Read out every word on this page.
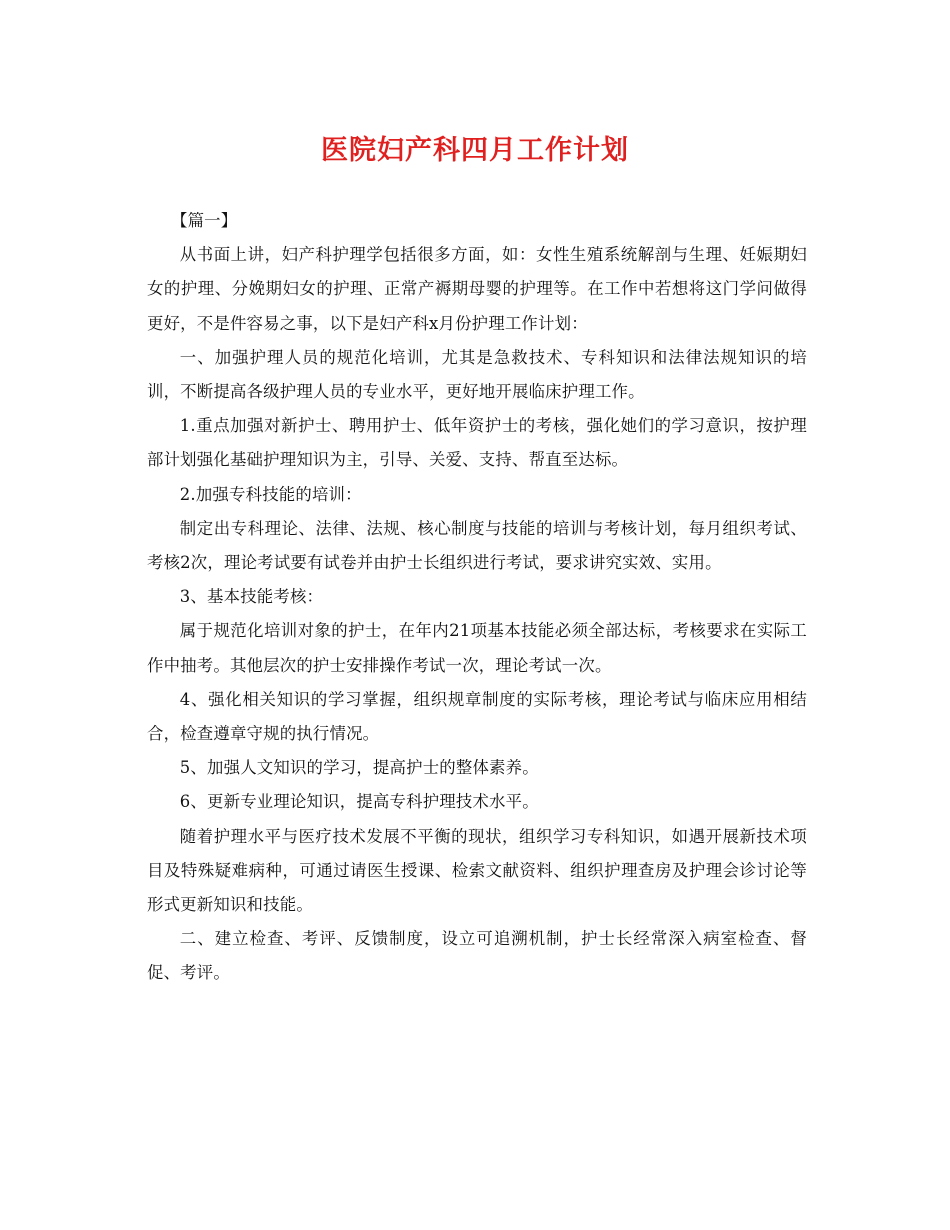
医院妇产科四月工作计划

【篇一】

从书面上讲，妇产科护理学包括很多方面，如：女性生殖系统解剖与生理、妊娠期妇女的护理、分娩期妇女的护理、正常产褥期母婴的护理等。在工作中若想将这门学问做得更好，不是件容易之事，以下是妇产科x月份护理工作计划：

一、加强护理人员的规范化培训，尤其是急救技术、专科知识和法律法规知识的培训，不断提高各级护理人员的专业水平，更好地开展临床护理工作。

1.重点加强对新护士、聘用护士、低年资护士的考核，强化她们的学习意识，按护理部计划强化基础护理知识为主，引导、关爱、支持、帮直至达标。

2.加强专科技能的培训：

制定出专科理论、法律、法规、核心制度与技能的培训与考核计划，每月组织考试、考核2次，理论考试要有试卷并由护士长组织进行考试，要求讲究实效、实用。

3、基本技能考核：

属于规范化培训对象的护士，在年内21项基本技能必须全部达标，考核要求在实际工作中抽考。其他层次的护士安排操作考试一次，理论考试一次。

4、强化相关知识的学习掌握，组织规章制度的实际考核，理论考试与临床应用相结合，检查遵章守规的执行情况。

5、加强人文知识的学习，提高护士的整体素养。

6、更新专业理论知识，提高专科护理技术水平。

随着护理水平与医疗技术发展不平衡的现状，组织学习专科知识，如遇开展新技术项目及特殊疑难病种，可通过请医生授课、检索文献资料、组织护理查房及护理会诊讨论等形式更新知识和技能。

二、建立检查、考评、反馈制度，设立可追溯机制，护士长经常深入病室检查、督促、考评。
